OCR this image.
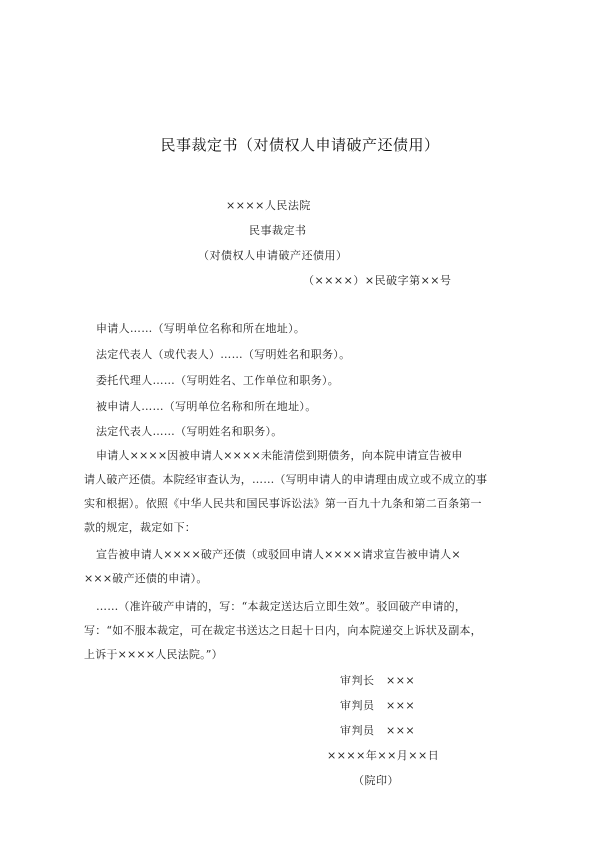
民事裁定书（对债权人申请破产还债用）
××××人民法院
民事裁定书
（对债权人申请破产还债用）
（××××）×民破字第××号
申请人……（写明单位名称和所在地址）。
法定代表人（或代表人）……（写明姓名和职务）。
委托代理人……（写明姓名、工作单位和职务）。
被申请人……（写明单位名称和所在地址）。
法定代表人……（写明姓名和职务）。
申请人××××因被申请人××××未能清偿到期债务，向本院申请宣告被申
请人破产还债。本院经审查认为，……（写明申请人的申请理由成立或不成立的事
实和根据）。依照《中华人民共和国民事诉讼法》第一百九十九条和第二百条第一
款的规定，裁定如下：
宣告被申请人××××破产还债（或驳回申请人××××请求宣告被申请人×
×××破产还债的申请）。
……（准许破产申请的，写：“本裁定送达后立即生效”。驳回破产申请的，
写：“如不服本裁定，可在裁定书送达之日起十日内，向本院递交上诉状及副本，
上诉于××××人民法院。”）
审判长　×××
审判员　×××
审判员　×××
××××年××月××日
（院印）
